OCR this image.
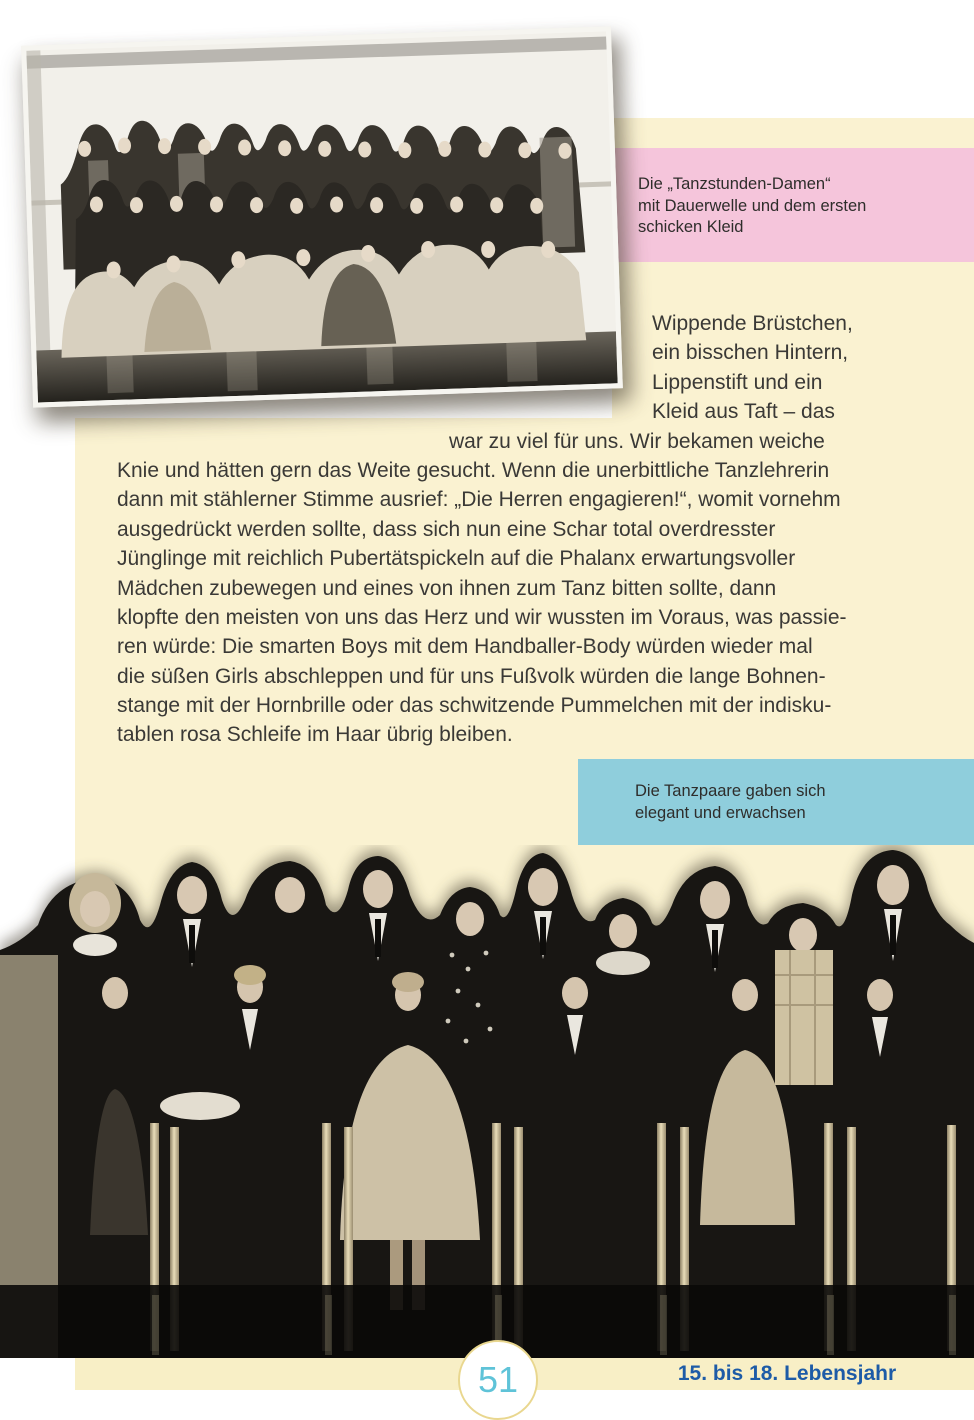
Die „Tanzstunden-Damen“
mit Dauerwelle und dem ersten
schicken Kleid
Die Tanzpaare gaben sich
elegant und erwachsen
Wippende Brüstchen,
ein bisschen Hintern,
Lippenstift und ein
Kleid aus Taft – das
war zu viel für uns. Wir bekamen weiche
Knie und hätten gern das Weite gesucht. Wenn die unerbittliche Tanzlehrerin
dann mit stählerner Stimme ausrief: „Die Herren engagieren!“, womit vornehm
ausgedrückt werden sollte, dass sich nun eine Schar total overdresster
Jünglinge mit reichlich Pubertätspickeln auf die Phalanx erwartungsvoller
Mädchen zubewegen und eines von ihnen zum Tanz bitten sollte, dann
klopfte den meisten von uns das Herz und wir wussten im Voraus, was passie-
ren würde: Die smarten Boys mit dem Handballer-Body würden wieder mal
die süßen Girls abschleppen und für uns Fußvolk würden die lange Bohnen-
stange mit der Hornbrille oder das schwitzende Pummelchen mit der indisku-
tablen rosa Schleife im Haar übrig bleiben.
51	15. bis 18. Lebensjahr
